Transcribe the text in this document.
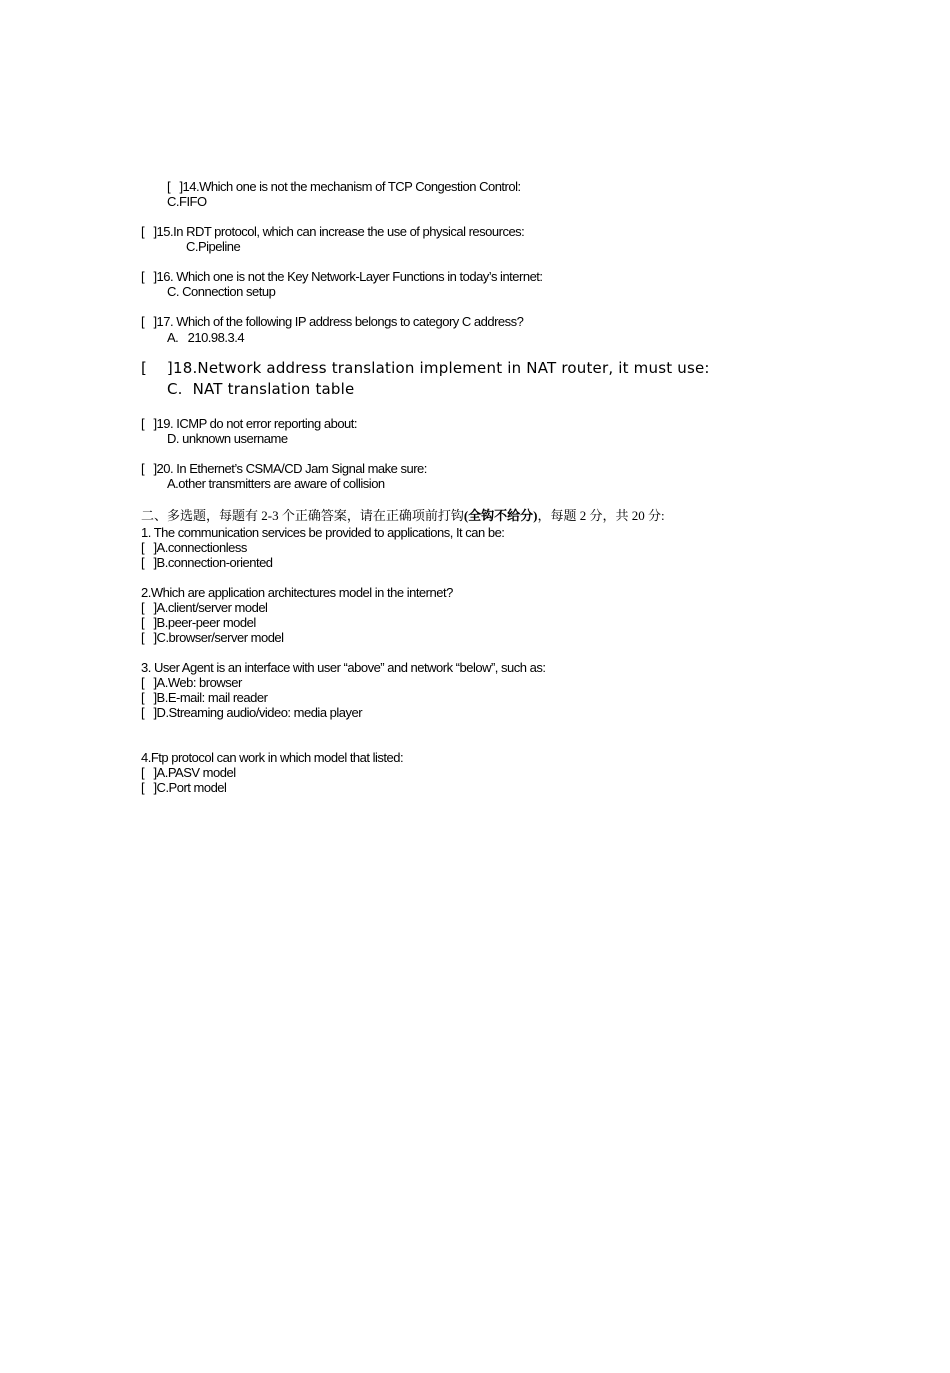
[   ]14.Which one is not the mechanism of TCP Congestion Control:
C.FIFO
[   ]15.In RDT protocol, which can increase the use of physical resources:
C.Pipeline
[   ]16. Which one is not the Key Network-Layer Functions in today’s internet:
C. Connection setup
[   ]17. Which of the following IP address belongs to category C address?
A.   210.98.3.4
[    ]18.Network address translation implement in NAT router, it must use:
C.  NAT translation table
[   ]19. ICMP do not error reporting about:
D. unknown username
[   ]20. In Ethernet’s CSMA/CD Jam Signal make sure:
A.other transmitters are aware of collision
二、多选题，每题有 2-3 个正确答案，请在正确项前打钩(全钩不给分)，每题 2 分，共 20 分:
1. The communication services be provided to applications, It can be:
[   ]A.connectionless
[   ]B.connection-oriented
2.Which are application architectures model in the internet?
[   ]A.client/server model
[   ]B.peer-peer model
[   ]C.browser/server model
3. User Agent is an interface with user “above” and network “below”, such as:
[   ]A.Web: browser
[   ]B.E-mail: mail reader
[   ]D.Streaming audio/video: media player
4.Ftp protocol can work in which model that listed:
[   ]A.PASV model
[   ]C.Port model
